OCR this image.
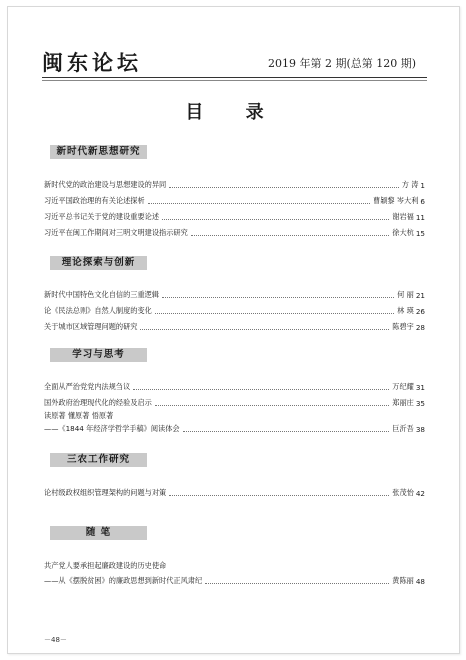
闽东论坛	2019 年第 2 期(总第 120 期)
目 录
新时代新思想研究
新时代党的政治建设与思想建设的异同	方 涛 1
习近平国政治理的有关论述探析	曹颖黎 岑大利 6
习近平总书记关于党的建设重要论述	谢岩福 11
习近平在闽工作期间对三明文明建设指示研究	徐大杭 15
理论探索与创新
新时代中国特色文化自信的三重逻辑	何 丽 21
论《民法总则》自然人制度的变化	林 瑛 26
关于城市区域管理问题的研究	陈碧宇 28
学习与思考
全面从严治党党内法规刍议	万纪耀 31
国外政府治理现代化的经验及启示	郑丽庄 35
读原著 懂原著 悟原著
——《1844 年经济学哲学手稿》阅读体会	巨沂吾 38
三农工作研究
论村级政权组织管理架构的问题与对策	张茂怡 42
随 笔
共产党人要承担起廉政建设的历史使命
——从《摆脱贫困》的廉政思想到新时代正风肃纪	黄陈丽 48
－48－
